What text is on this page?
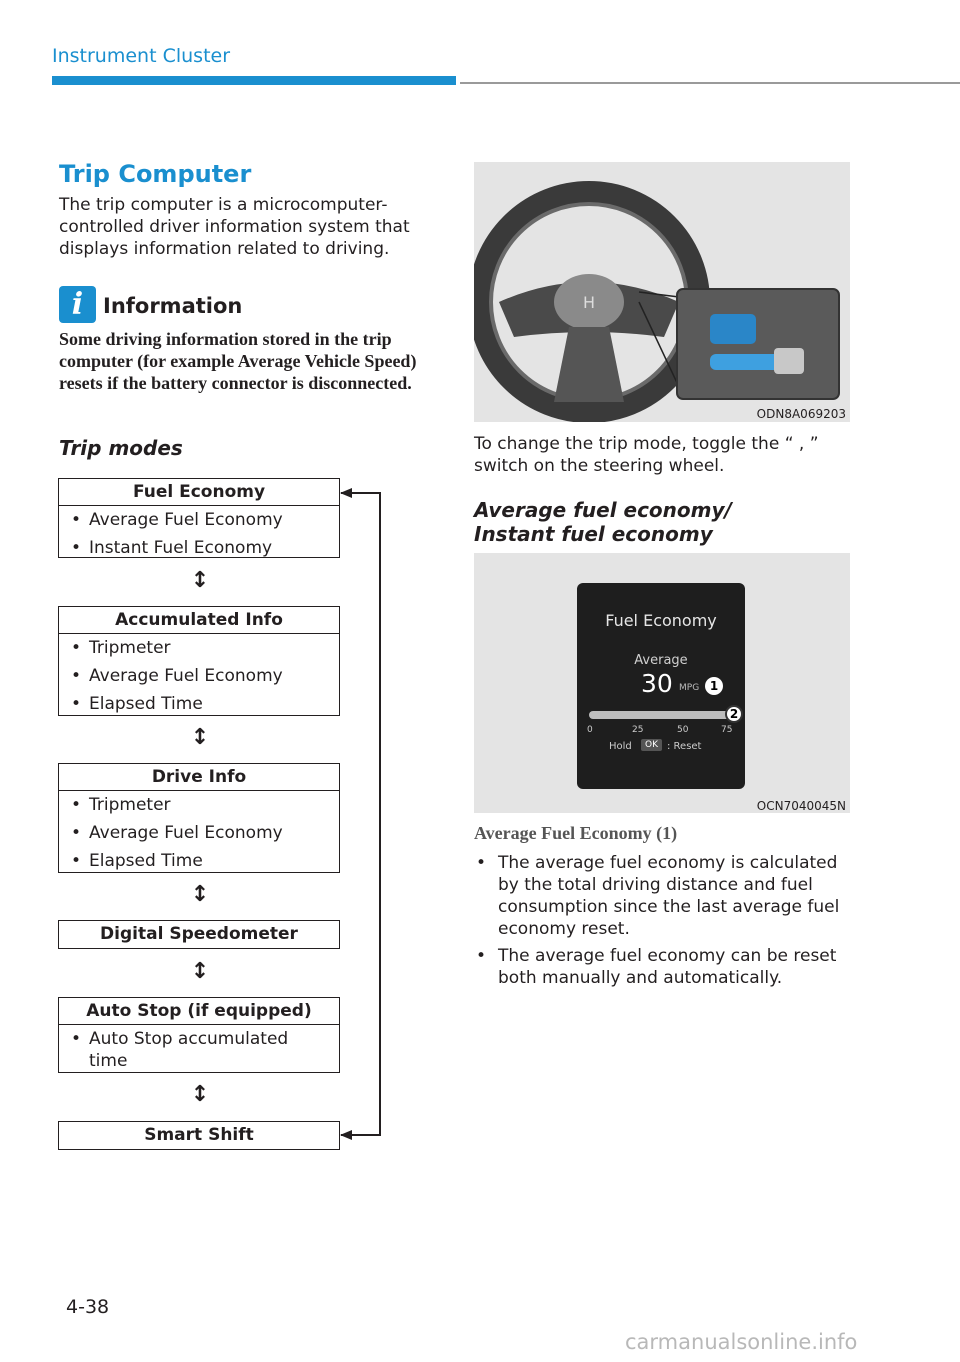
Instrument Cluster
Trip Computer
The trip computer is a microcomputer-controlled driver information system that displays information related to driving.
i Information
Some driving information stored in the trip computer (for example Average Vehicle Speed) resets if the battery connector is disconnected.
Trip modes
Fuel Economy
• Average Fuel Economy
• Instant Fuel Economy
↕
Accumulated Info
• Tripmeter
• Average Fuel Economy
• Elapsed Time
↕
Drive Info
• Tripmeter
• Average Fuel Economy
• Elapsed Time
↕
Digital Speedometer
↕
Auto Stop (if equipped)
• Auto Stop accumulated time
↕
Smart Shift
H
ODN8A069203
To change the trip mode, toggle the “ , ” switch on the steering wheel.
Average fuel economy/
Instant fuel economy
Fuel Economy
Average
30 MPG 1
2
0	25	50	75
Hold	OK : Reset
OCN7040045N
Average Fuel Economy (1)
• The average fuel economy is calculated by the total driving distance and fuel consumption since the last average fuel economy reset.
• The average fuel economy can be reset both manually and automatically.
4-38
carmanualsonline.info
